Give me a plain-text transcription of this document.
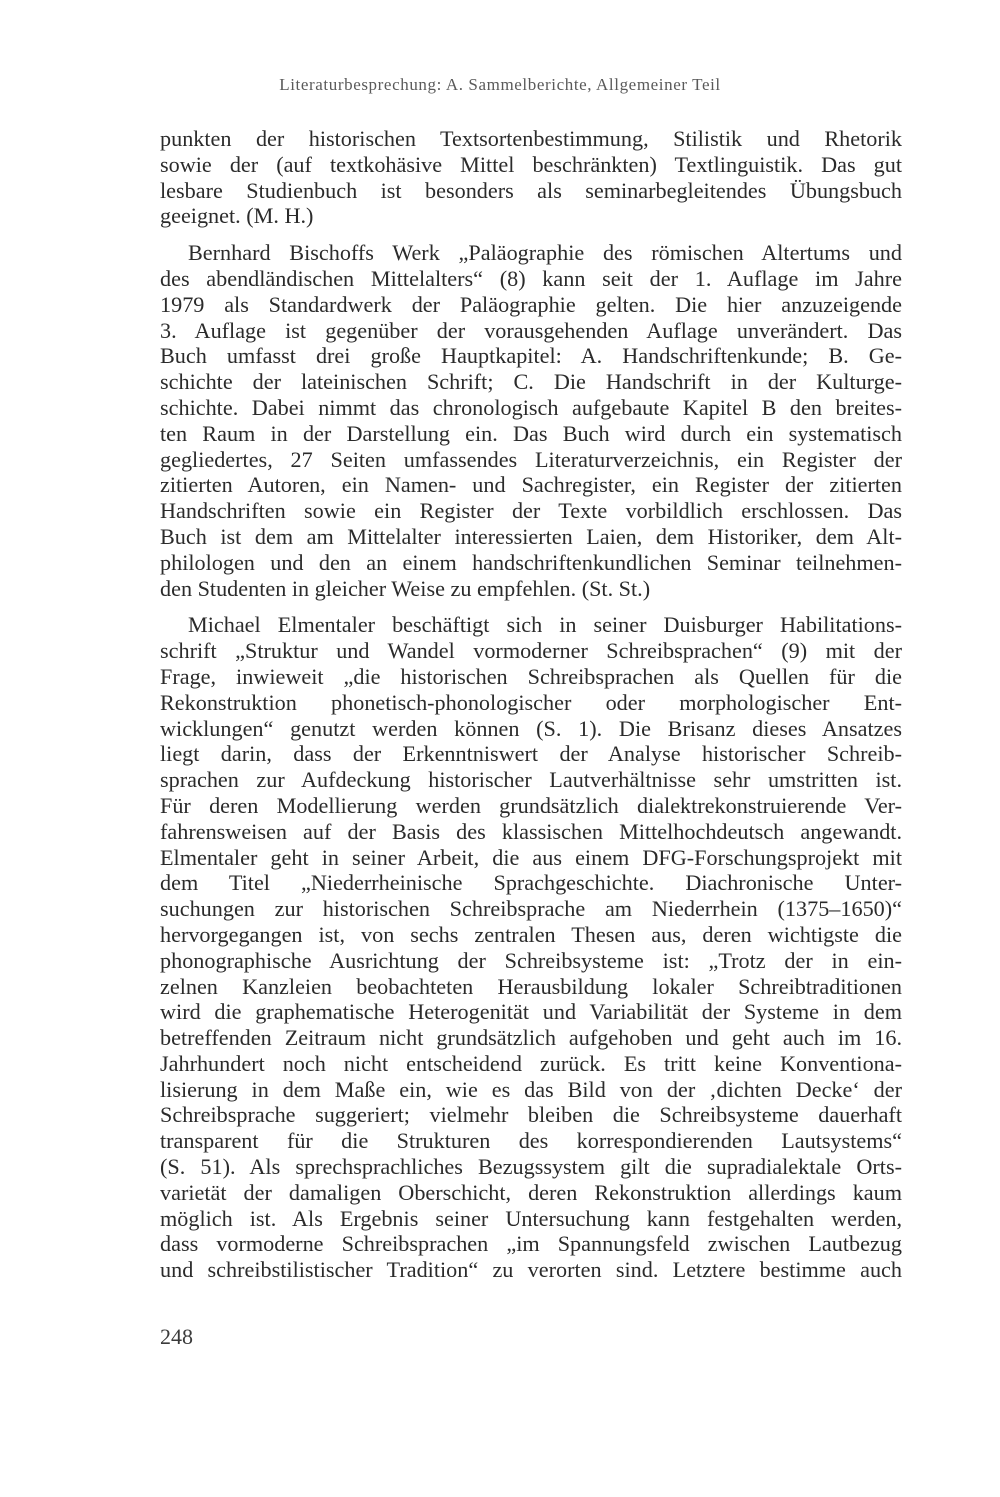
Literaturbesprechung: A. Sammelberichte, Allgemeiner Teil

punkten der historischen Textsortenbestimmung, Stilistik und Rhetorik
sowie der (auf textkohäsive Mittel beschränkten) Textlinguistik. Das gut
lesbare Studienbuch ist besonders als seminarbegleitendes Übungsbuch
geeignet. (M. H.)

Bernhard Bischoffs Werk „Paläographie des römischen Altertums und
des abendländischen Mittelalters“ (8) kann seit der 1. Auflage im Jahre
1979 als Standardwerk der Paläographie gelten. Die hier anzuzeigende
3. Auflage ist gegenüber der vorausgehenden Auflage unverändert. Das
Buch umfasst drei große Hauptkapitel: A. Handschriftenkunde; B. Ge-
schichte der lateinischen Schrift; C. Die Handschrift in der Kulturge-
schichte. Dabei nimmt das chronologisch aufgebaute Kapitel B den breites-
ten Raum in der Darstellung ein. Das Buch wird durch ein systematisch
gegliedertes, 27 Seiten umfassendes Literaturverzeichnis, ein Register der
zitierten Autoren, ein Namen- und Sachregister, ein Register der zitierten
Handschriften sowie ein Register der Texte vorbildlich erschlossen. Das
Buch ist dem am Mittelalter interessierten Laien, dem Historiker, dem Alt-
philologen und den an einem handschriftenkundlichen Seminar teilnehmen-
den Studenten in gleicher Weise zu empfehlen. (St. St.)

Michael Elmentaler beschäftigt sich in seiner Duisburger Habilitations-
schrift „Struktur und Wandel vormoderner Schreibsprachen“ (9) mit der
Frage, inwieweit „die historischen Schreibsprachen als Quellen für die
Rekonstruktion phonetisch-phonologischer oder morphologischer Ent-
wicklungen“ genutzt werden können (S. 1). Die Brisanz dieses Ansatzes
liegt darin, dass der Erkenntniswert der Analyse historischer Schreib-
sprachen zur Aufdeckung historischer Lautverhältnisse sehr umstritten ist.
Für deren Modellierung werden grundsätzlich dialektrekonstruierende Ver-
fahrensweisen auf der Basis des klassischen Mittelhochdeutsch angewandt.
Elmentaler geht in seiner Arbeit, die aus einem DFG-Forschungsprojekt mit
dem Titel „Niederrheinische Sprachgeschichte. Diachronische Unter-
suchungen zur historischen Schreibsprache am Niederrhein (1375–1650)“
hervorgegangen ist, von sechs zentralen Thesen aus, deren wichtigste die
phonographische Ausrichtung der Schreibsysteme ist: „Trotz der in ein-
zelnen Kanzleien beobachteten Herausbildung lokaler Schreibtraditionen
wird die graphematische Heterogenität und Variabilität der Systeme in dem
betreffenden Zeitraum nicht grundsätzlich aufgehoben und geht auch im 16.
Jahrhundert noch nicht entscheidend zurück. Es tritt keine Konventiona-
lisierung in dem Maße ein, wie es das Bild von der ‚dichten Decke‘ der
Schreibsprache suggeriert; vielmehr bleiben die Schreibsysteme dauerhaft
transparent für die Strukturen des korrespondierenden Lautsystems“
(S. 51). Als sprechsprachliches Bezugssystem gilt die supradialektale Orts-
varietät der damaligen Oberschicht, deren Rekonstruktion allerdings kaum
möglich ist. Als Ergebnis seiner Untersuchung kann festgehalten werden,
dass vormoderne Schreibsprachen „im Spannungsfeld zwischen Lautbezug
und schreibstilistischer Tradition“ zu verorten sind. Letztere bestimme auch

248
